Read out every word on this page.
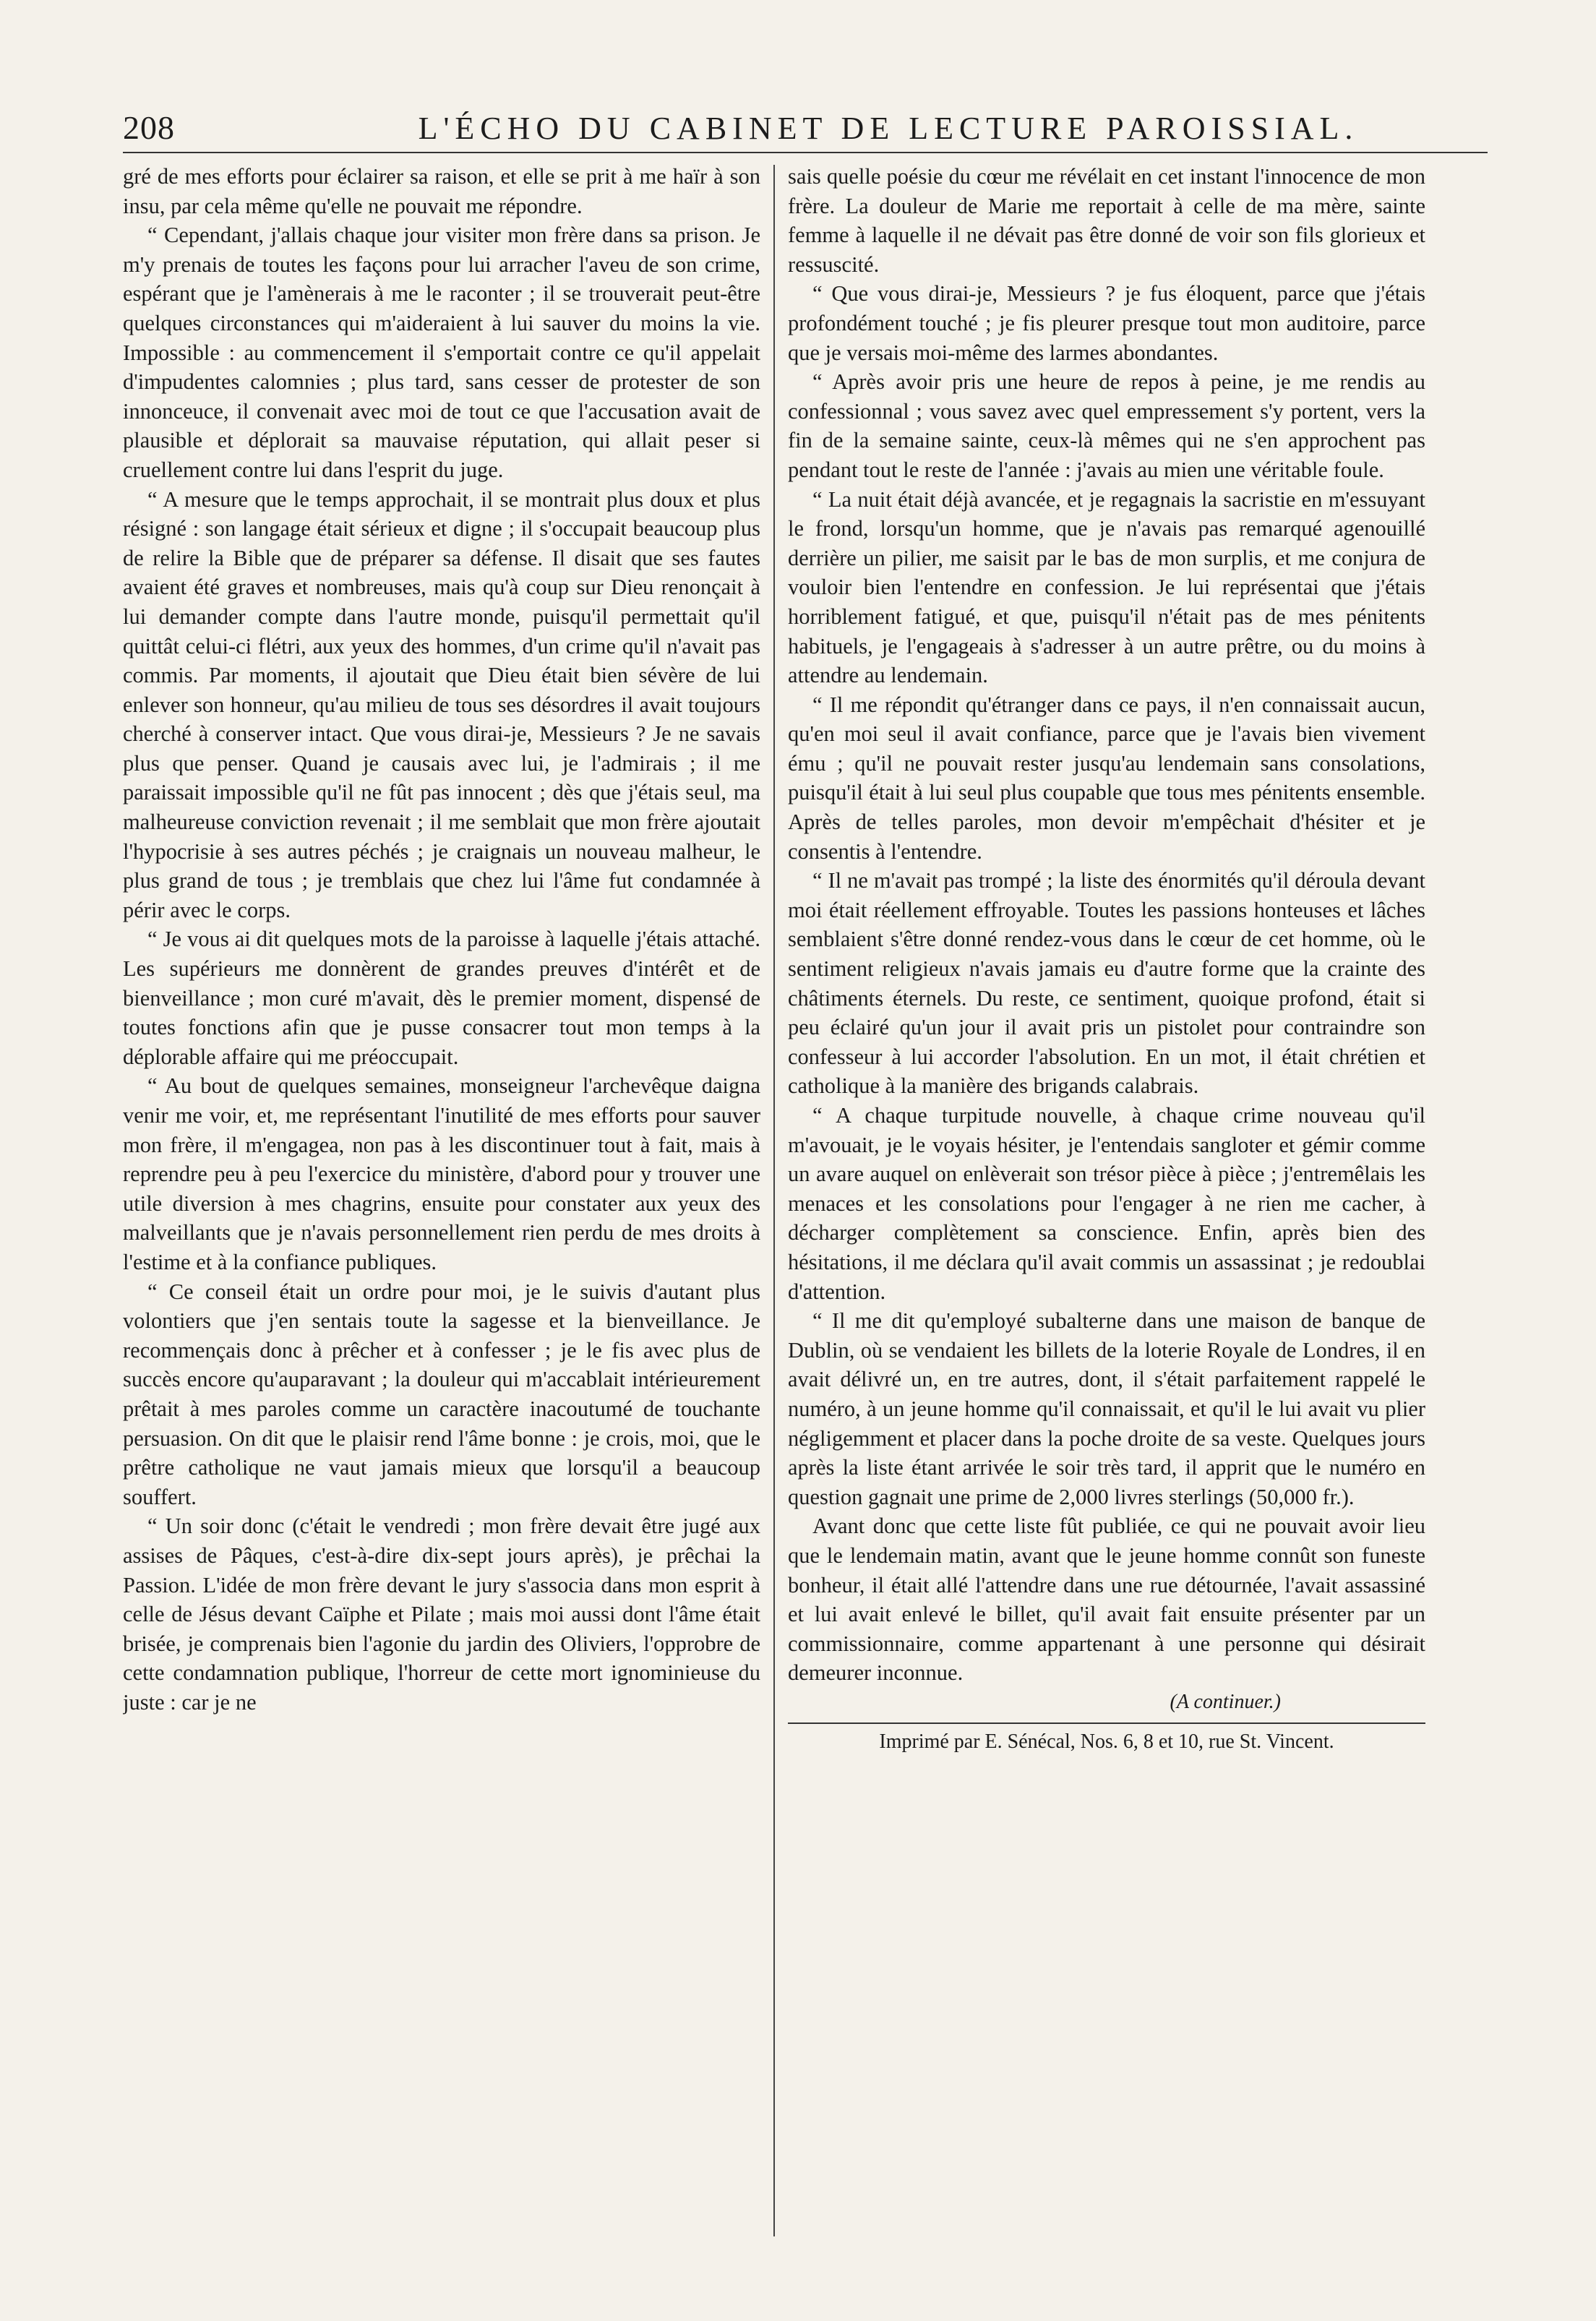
208	L'ÉCHO DU CABINET DE LECTURE PAROISSIAL.

gré de mes efforts pour éclairer sa raison, et elle se prit à me haïr à son insu, par cela même qu'elle ne pouvait me répondre.

“ Cependant, j'allais chaque jour visiter mon frère dans sa prison. Je m'y prenais de toutes les façons pour lui arracher l'aveu de son crime, espérant que je l'amènerais à me le raconter ; il se trouverait peut-être quelques circonstances qui m'aideraient à lui sauver du moins la vie. Impossible : au commencement il s'emportait contre ce qu'il appelait d'impudentes calomnies ; plus tard, sans cesser de protester de son innonceuce, il convenait avec moi de tout ce que l'accusation avait de plausible et déplorait sa mauvaise réputation, qui allait peser si cruellement contre lui dans l'esprit du juge.

“ A mesure que le temps approchait, il se montrait plus doux et plus résigné : son langage était sérieux et digne ; il s'occupait beaucoup plus de relire la Bible que de préparer sa défense. Il disait que ses fautes avaient été graves et nombreuses, mais qu'à coup sur Dieu renonçait à lui demander compte dans l'autre monde, puisqu'il permettait qu'il quittât celui-ci flétri, aux yeux des hommes, d'un crime qu'il n'avait pas commis. Par moments, il ajoutait que Dieu était bien sévère de lui enlever son honneur, qu'au milieu de tous ses désordres il avait toujours cherché à conserver intact. Que vous dirai-je, Messieurs ? Je ne savais plus que penser. Quand je causais avec lui, je l'admirais ; il me paraissait impossible qu'il ne fût pas innocent ; dès que j'étais seul, ma malheureuse conviction revenait ; il me semblait que mon frère ajoutait l'hypocrisie à ses autres péchés ; je craignais un nouveau malheur, le plus grand de tous ; je tremblais que chez lui l'âme fut condamnée à périr avec le corps.

“ Je vous ai dit quelques mots de la paroisse à laquelle j'étais attaché. Les supérieurs me donnèrent de grandes preuves d'intérêt et de bienveillance ; mon curé m'avait, dès le premier moment, dispensé de toutes fonctions afin que je pusse consacrer tout mon temps à la déplorable affaire qui me préoccupait.

“ Au bout de quelques semaines, monseigneur l'archevêque daigna venir me voir, et, me représentant l'inutilité de mes efforts pour sauver mon frère, il m'engagea, non pas à les discontinuer tout à fait, mais à reprendre peu à peu l'exercice du ministère, d'abord pour y trouver une utile diversion à mes chagrins, ensuite pour constater aux yeux des malveillants que je n'avais personnellement rien perdu de mes droits à l'estime et à la confiance publiques.

“ Ce conseil était un ordre pour moi, je le suivis d'autant plus volontiers que j'en sentais toute la sagesse et la bienveillance. Je recommençais donc à prêcher et à confesser ; je le fis avec plus de succès encore qu'auparavant ; la douleur qui m'accablait intérieurement prêtait à mes paroles comme un caractère inacoutumé de touchante persuasion. On dit que le plaisir rend l'âme bonne : je crois, moi, que le prêtre catholique ne vaut jamais mieux que lorsqu'il a beaucoup souffert.

“ Un soir donc (c'était le vendredi ; mon frère devait être jugé aux assises de Pâques, c'est-à-dire dix-sept jours après), je prêchai la Passion. L'idée de mon frère devant le jury s'associa dans mon esprit à celle de Jésus devant Caïphe et Pilate ; mais moi aussi dont l'âme était brisée, je comprenais bien l'agonie du jardin des Oliviers, l'opprobre de cette condamnation publique, l'horreur de cette mort ignominieuse du juste : car je ne

sais quelle poésie du cœur me révélait en cet instant l'innocence de mon frère. La douleur de Marie me reportait à celle de ma mère, sainte femme à laquelle il ne dévait pas être donné de voir son fils glorieux et ressuscité.

“ Que vous dirai-je, Messieurs ? je fus éloquent, parce que j'étais profondément touché ; je fis pleurer presque tout mon auditoire, parce que je versais moi-même des larmes abondantes.

“ Après avoir pris une heure de repos à peine, je me rendis au confessionnal ; vous savez avec quel empressement s'y portent, vers la fin de la semaine sainte, ceux-là mêmes qui ne s'en approchent pas pendant tout le reste de l'année : j'avais au mien une véritable foule.

“ La nuit était déjà avancée, et je regagnais la sacristie en m'essuyant le frond, lorsqu'un homme, que je n'avais pas remarqué agenouillé derrière un pilier, me saisit par le bas de mon surplis, et me conjura de vouloir bien l'entendre en confession. Je lui représentai que j'étais horriblement fatigué, et que, puisqu'il n'était pas de mes pénitents habituels, je l'engageais à s'adresser à un autre prêtre, ou du moins à attendre au lendemain.

“ Il me répondit qu'étranger dans ce pays, il n'en connaissait aucun, qu'en moi seul il avait confiance, parce que je l'avais bien vivement ému ; qu'il ne pouvait rester jusqu'au lendemain sans consolations, puisqu'il était à lui seul plus coupable que tous mes pénitents ensemble. Après de telles paroles, mon devoir m'empêchait d'hésiter et je consentis à l'entendre.

“ Il ne m'avait pas trompé ; la liste des énormités qu'il déroula devant moi était réellement effroyable. Toutes les passions honteuses et lâches semblaient s'être donné rendez-vous dans le cœur de cet homme, où le sentiment religieux n'avais jamais eu d'autre forme que la crainte des châtiments éternels. Du reste, ce sentiment, quoique profond, était si peu éclairé qu'un jour il avait pris un pistolet pour contraindre son confesseur à lui accorder l'absolution. En un mot, il était chrétien et catholique à la manière des brigands calabrais.

“ A chaque turpitude nouvelle, à chaque crime nouveau qu'il m'avouait, je le voyais hésiter, je l'entendais sangloter et gémir comme un avare auquel on enlèverait son trésor pièce à pièce ; j'entremêlais les menaces et les consolations pour l'engager à ne rien me cacher, à décharger complètement sa conscience. Enfin, après bien des hésitations, il me déclara qu'il avait commis un assassinat ; je redoublai d'attention.

“ Il me dit qu'employé subalterne dans une maison de banque de Dublin, où se vendaient les billets de la loterie Royale de Londres, il en avait délivré un, en tre autres, dont, il s'était parfaitement rappelé le numéro, à un jeune homme qu'il connaissait, et qu'il le lui avait vu plier négligemment et placer dans la poche droite de sa veste. Quelques jours après la liste étant arrivée le soir très tard, il apprit que le numéro en question gagnait une prime de 2,000 livres sterlings (50,000 fr.).

Avant donc que cette liste fût publiée, ce qui ne pouvait avoir lieu que le lendemain matin, avant que le jeune homme connût son funeste bonheur, il était allé l'attendre dans une rue détournée, l'avait assassiné et lui avait enlevé le billet, qu'il avait fait ensuite présenter par un commissionnaire, comme appartenant à une personne qui désirait demeurer inconnue.

(A continuer.)
Imprimé par E. Sénécal, Nos. 6, 8 et 10, rue St. Vincent.
